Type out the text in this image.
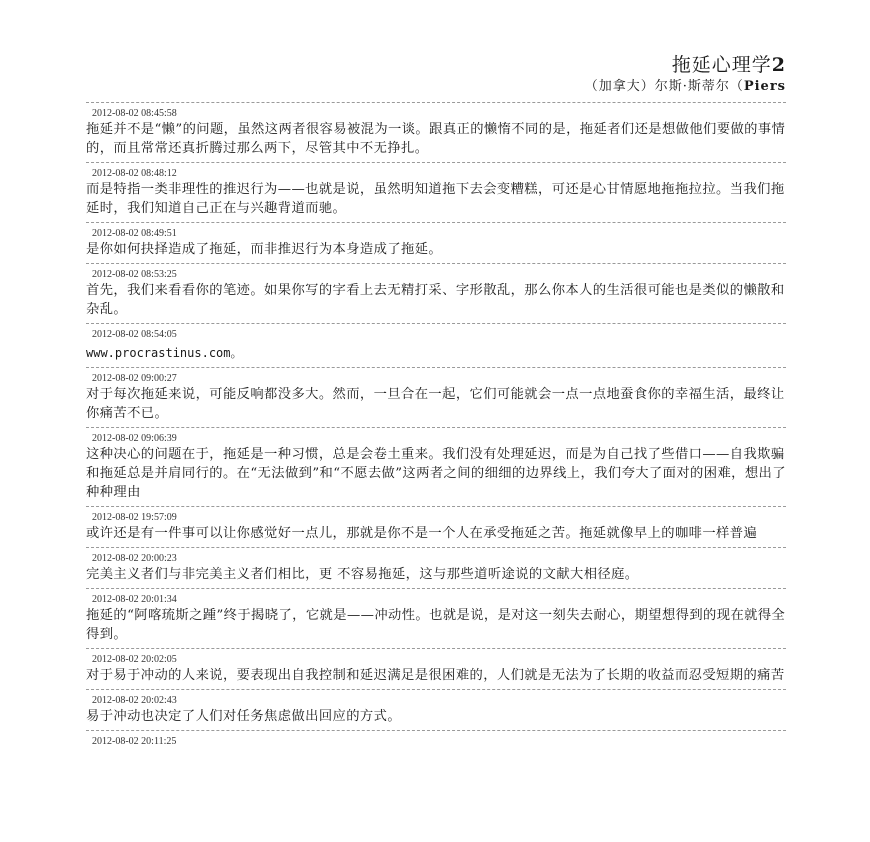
拖延心理学2
（加拿大）尔斯·斯蒂尔（Piers
2012-08-02 08:45:58
拖延并不是“懒”的问题，虽然这两者很容易被混为一谈。跟真正的懒惰不同的是，拖延者们还是想做他们要做的事情的，而且常常还真折腾过那么两下，尽管其中不无挣扎。
2012-08-02 08:48:12
而是特指一类非理性的推迟行为——也就是说，虽然明知道拖下去会变糟糕，可还是心甘情愿地拖拖拉拉。当我们拖延时，我们知道自己正在与兴趣背道而驰。
2012-08-02 08:49:51
是你如何抉择造成了拖延，而非推迟行为本身造成了拖延。
2012-08-02 08:53:25
首先，我们来看看你的笔迹。如果你写的字看上去无精打采、字形散乱，那么你本人的生活很可能也是类似的懒散和杂乱。
2012-08-02 08:54:05
www.procrastinus.com。
2012-08-02 09:00:27
对于每次拖延来说，可能反响都没多大。然而，一旦合在一起，它们可能就会一点一点地蚕食你的幸福生活，最终让你痛苦不已。
2012-08-02 09:06:39
这种决心的问题在于，拖延是一种习惯，总是会卷土重来。我们没有处理延迟，而是为自己找了些借口——自我欺骗和拖延总是并肩同行的。在“无法做到”和“不愿去做”这两者之间的细细的边界线上，我们夸大了面对的困难，想出了种种理由
2012-08-02 19:57:09
或许还是有一件事可以让你感觉好一点儿，那就是你不是一个人在承受拖延之苦。拖延就像早上的咖啡一样普遍
2012-08-02 20:00:23
完美主义者们与非完美主义者们相比，更 不容易拖延，这与那些道听途说的文献大相径庭。
2012-08-02 20:01:34
拖延的“阿喀琉斯之踵”终于揭晓了，它就是——冲动性。也就是说，是对这一刻失去耐心，期望想得到的现在就得全得到。
2012-08-02 20:02:05
对于易于冲动的人来说，要表现出自我控制和延迟满足是很困难的，人们就是无法为了长期的收益而忍受短期的痛苦
2012-08-02 20:02:43
易于冲动也决定了人们对任务焦虑做出回应的方式。
2012-08-02 20:11:25
